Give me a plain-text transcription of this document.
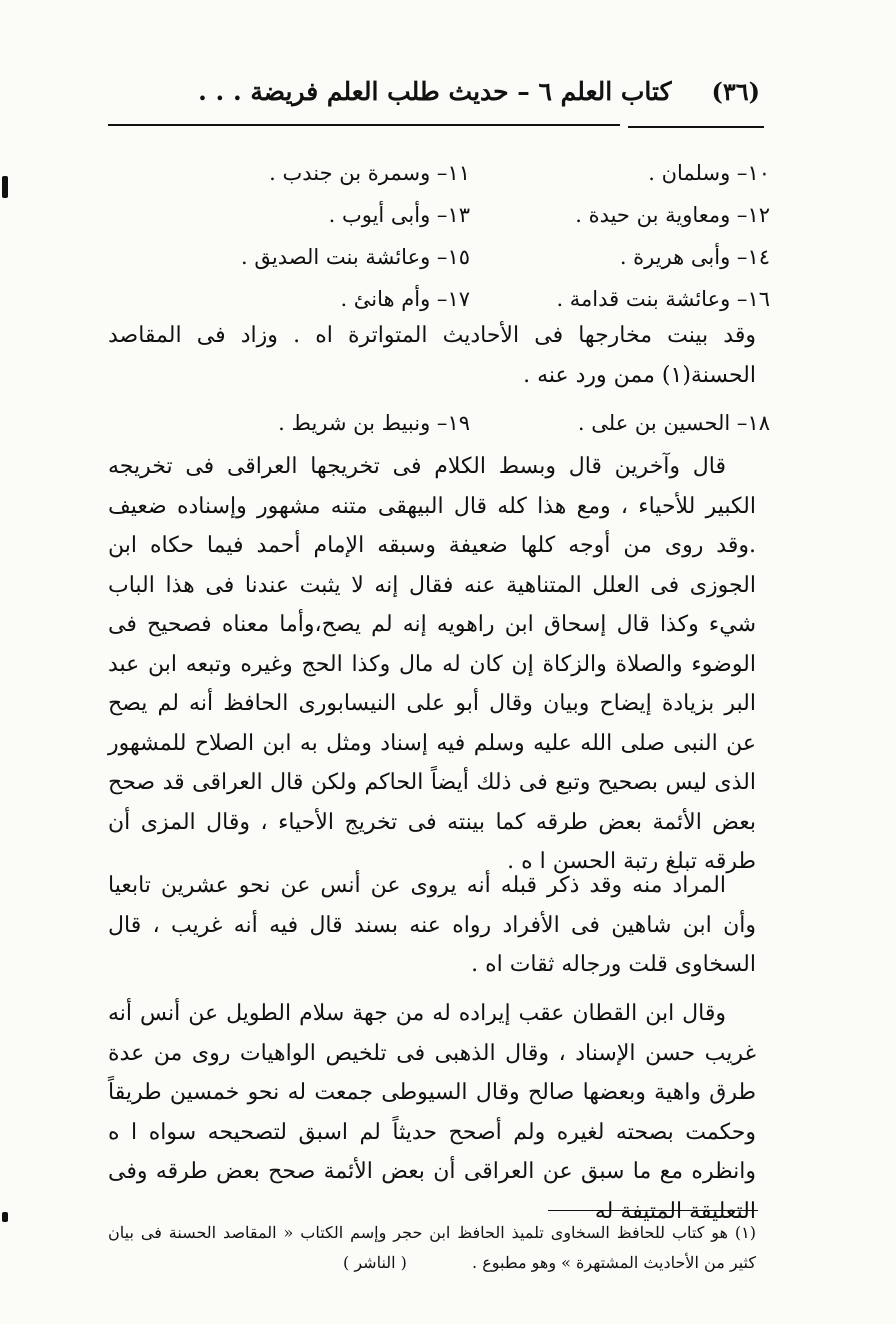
(٣٦)
كتاب العلم ٦ – حديث طلب العلم فريضة . . .
١٠– وسلمان .
١١– وسمرة بن جندب .
١٢– ومعاوية بن حيدة .
١٣– وأبى أيوب .
١٤– وأبى هريرة .
١٥– وعائشة بنت الصديق .
١٦– وعائشة بنت قدامة .
١٧– وأم هانئ .
وقد بينت مخارجها فى الأحاديث المتواترة اه . وزاد فى المقاصد الحسنة(١) ممن ورد عنه .
١٨– الحسين بن على .
١٩– ونبيط بن شريط .
قال وآخرين قال وبسط الكلام فى تخريجها العراقى فى تخريجه الكبير للأحياء ، ومع هذا كله قال البيهقى متنه مشهور وإسناده ضعيف .وقد روى من أوجه كلها ضعيفة وسبقه الإمام أحمد فيما حكاه ابن الجوزى فى العلل المتناهية عنه فقال إنه لا يثبت عندنا فى هذا الباب شيء وكذا قال إسحاق ابن راهويه إنه لم يصح،وأما معناه فصحيح فى الوضوء والصلاة والزكاة إن كان له مال وكذا الحج وغيره وتبعه ابن عبد البر بزيادة إيضاح وبيان وقال أبو على النيسابورى الحافظ أنه لم يصح عن النبى صلى الله عليه وسلم فيه إسناد ومثل به ابن الصلاح للمشهور الذى ليس بصحيح وتبع فى ذلك أيضاً الحاكم ولكن قال العراقى قد صحح بعض الأئمة بعض طرقه كما بينته فى تخريج الأحياء ، وقال المزى أن طرقه تبلغ رتبة الحسن ا ه .
المراد منه وقد ذكر قبله أنه يروى عن أنس عن نحو عشرين تابعيا وأن ابن شاهين فى الأفراد رواه عنه بسند قال فيه أنه غريب ، قال السخاوى قلت ورجاله ثقات اه .
وقال ابن القطان عقب إيراده له من جهة سلام الطويل عن أنس أنه غريب حسن الإسناد ، وقال الذهبى فى تلخيص الواهيات روى من عدة طرق واهية وبعضها صالح وقال السيوطى جمعت له نحو خمسين طريقاً وحكمت بصحته لغيره ولم أصحح حديثاً لم اسبق لتصحيحه سواه ا ه وانظره مع ما سبق عن العراقى أن بعض الأئمة صحح بعض طرقه وفى التعليقة المتيفة له
(١) هو كتاب للحافظ السخاوى تلميذ الحافظ ابن حجر وإسم الكتاب « المقاصد الحسنة فى بيان كثير من الأحاديث المشتهرة » وهو مطبوع . ( الناشر )
